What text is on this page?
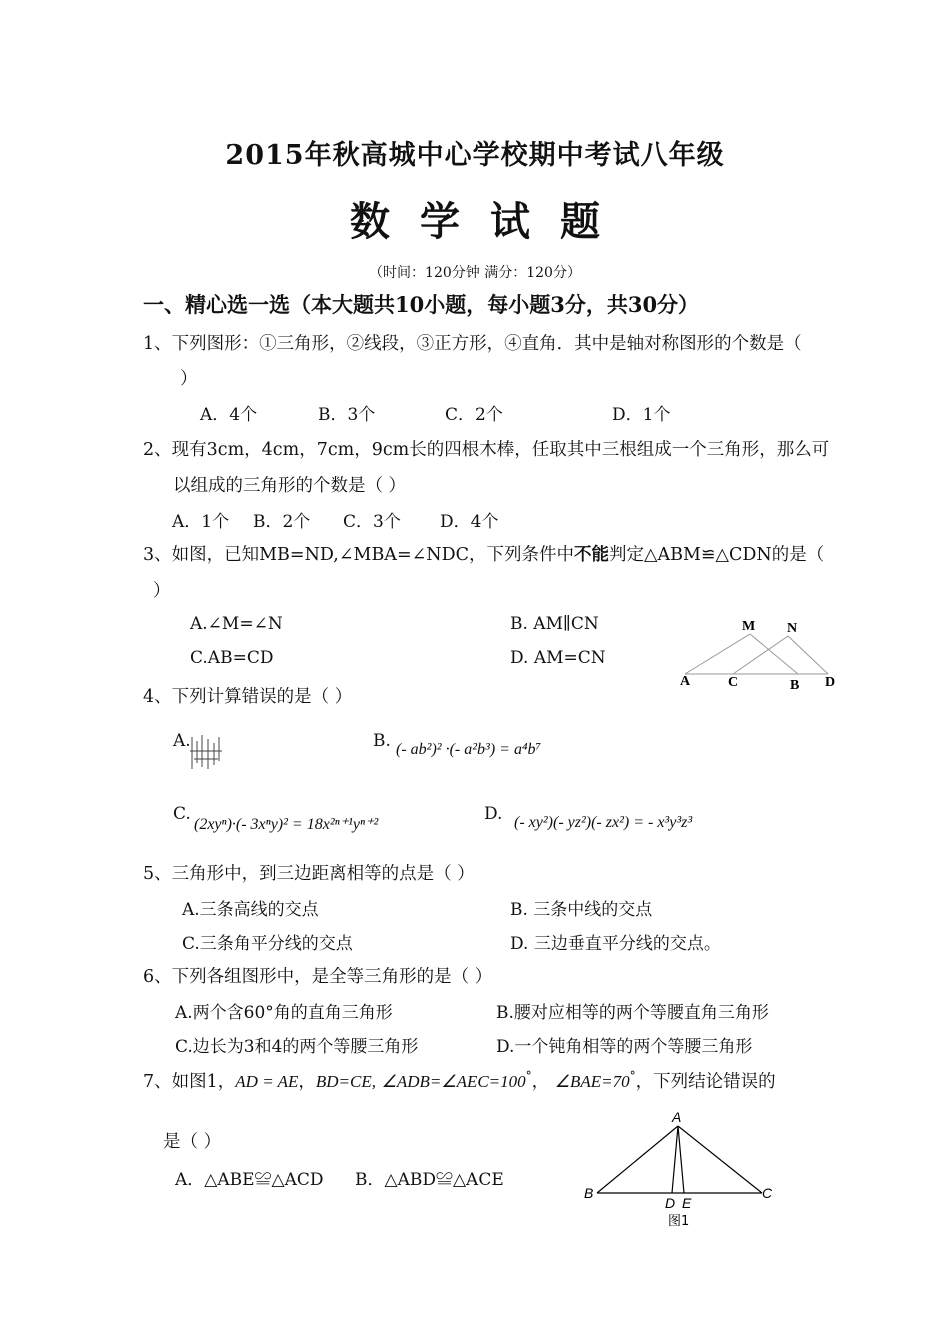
2015年秋高城中心学校期中考试八年级
数学试题
（时间：120分钟 满分：120分）
一、精心选一选（本大题共10小题，每小题3分，共30分）
1、下列图形：①三角形，②线段，③正方形，④直角．其中是轴对称图形的个数是（
）
A．4个	B．3个	C．2个	D．1个
2、现有3cm，4cm，7cm，9cm长的四根木棒，任取其中三根组成一个三角形，那么可
以组成的三角形的个数是（ ）
A．1个 B．2个 C．3个 D．4个
3、如图，已知MB=ND,∠MBA=∠NDC，下列条件中不能判定△ABM≌△CDN的是（
）
A.∠M=∠N	B. AM∥CN
C.AB=CD	D. AM=CN
M N
A	C	B D
4、下列计算错误的是（ ）
A.	B. (- ab²)² ·(- a²b³) = a⁴b⁷
C.
(2xyⁿ)·(- 3xⁿy)² = 18x²ⁿ⁺¹yⁿ⁺²
D. (- xy²)(- yz²)(- zx²) = - x³y³z³
5、三角形中，到三边距离相等的点是（ ）
A.三条高线的交点	B. 三条中线的交点
C.三条角平分线的交点	D. 三边垂直平分线的交点。
6、下列各组图形中，是全等三角形的是（ ）
A.两个含60°角的直角三角形	B.腰对应相等的两个等腰直角三角形
C.边长为3和4的两个等腰三角形	D.一个钝角相等的两个等腰三角形
7、如图1，AD = AE，BD=CE, ∠ADB=∠AEC=100°， ∠BAE=70°，下列结论错误的
是（ ）
A．△ABE≌△ACD B．△ABD≌△ACE
A
B
D E
C
图1
